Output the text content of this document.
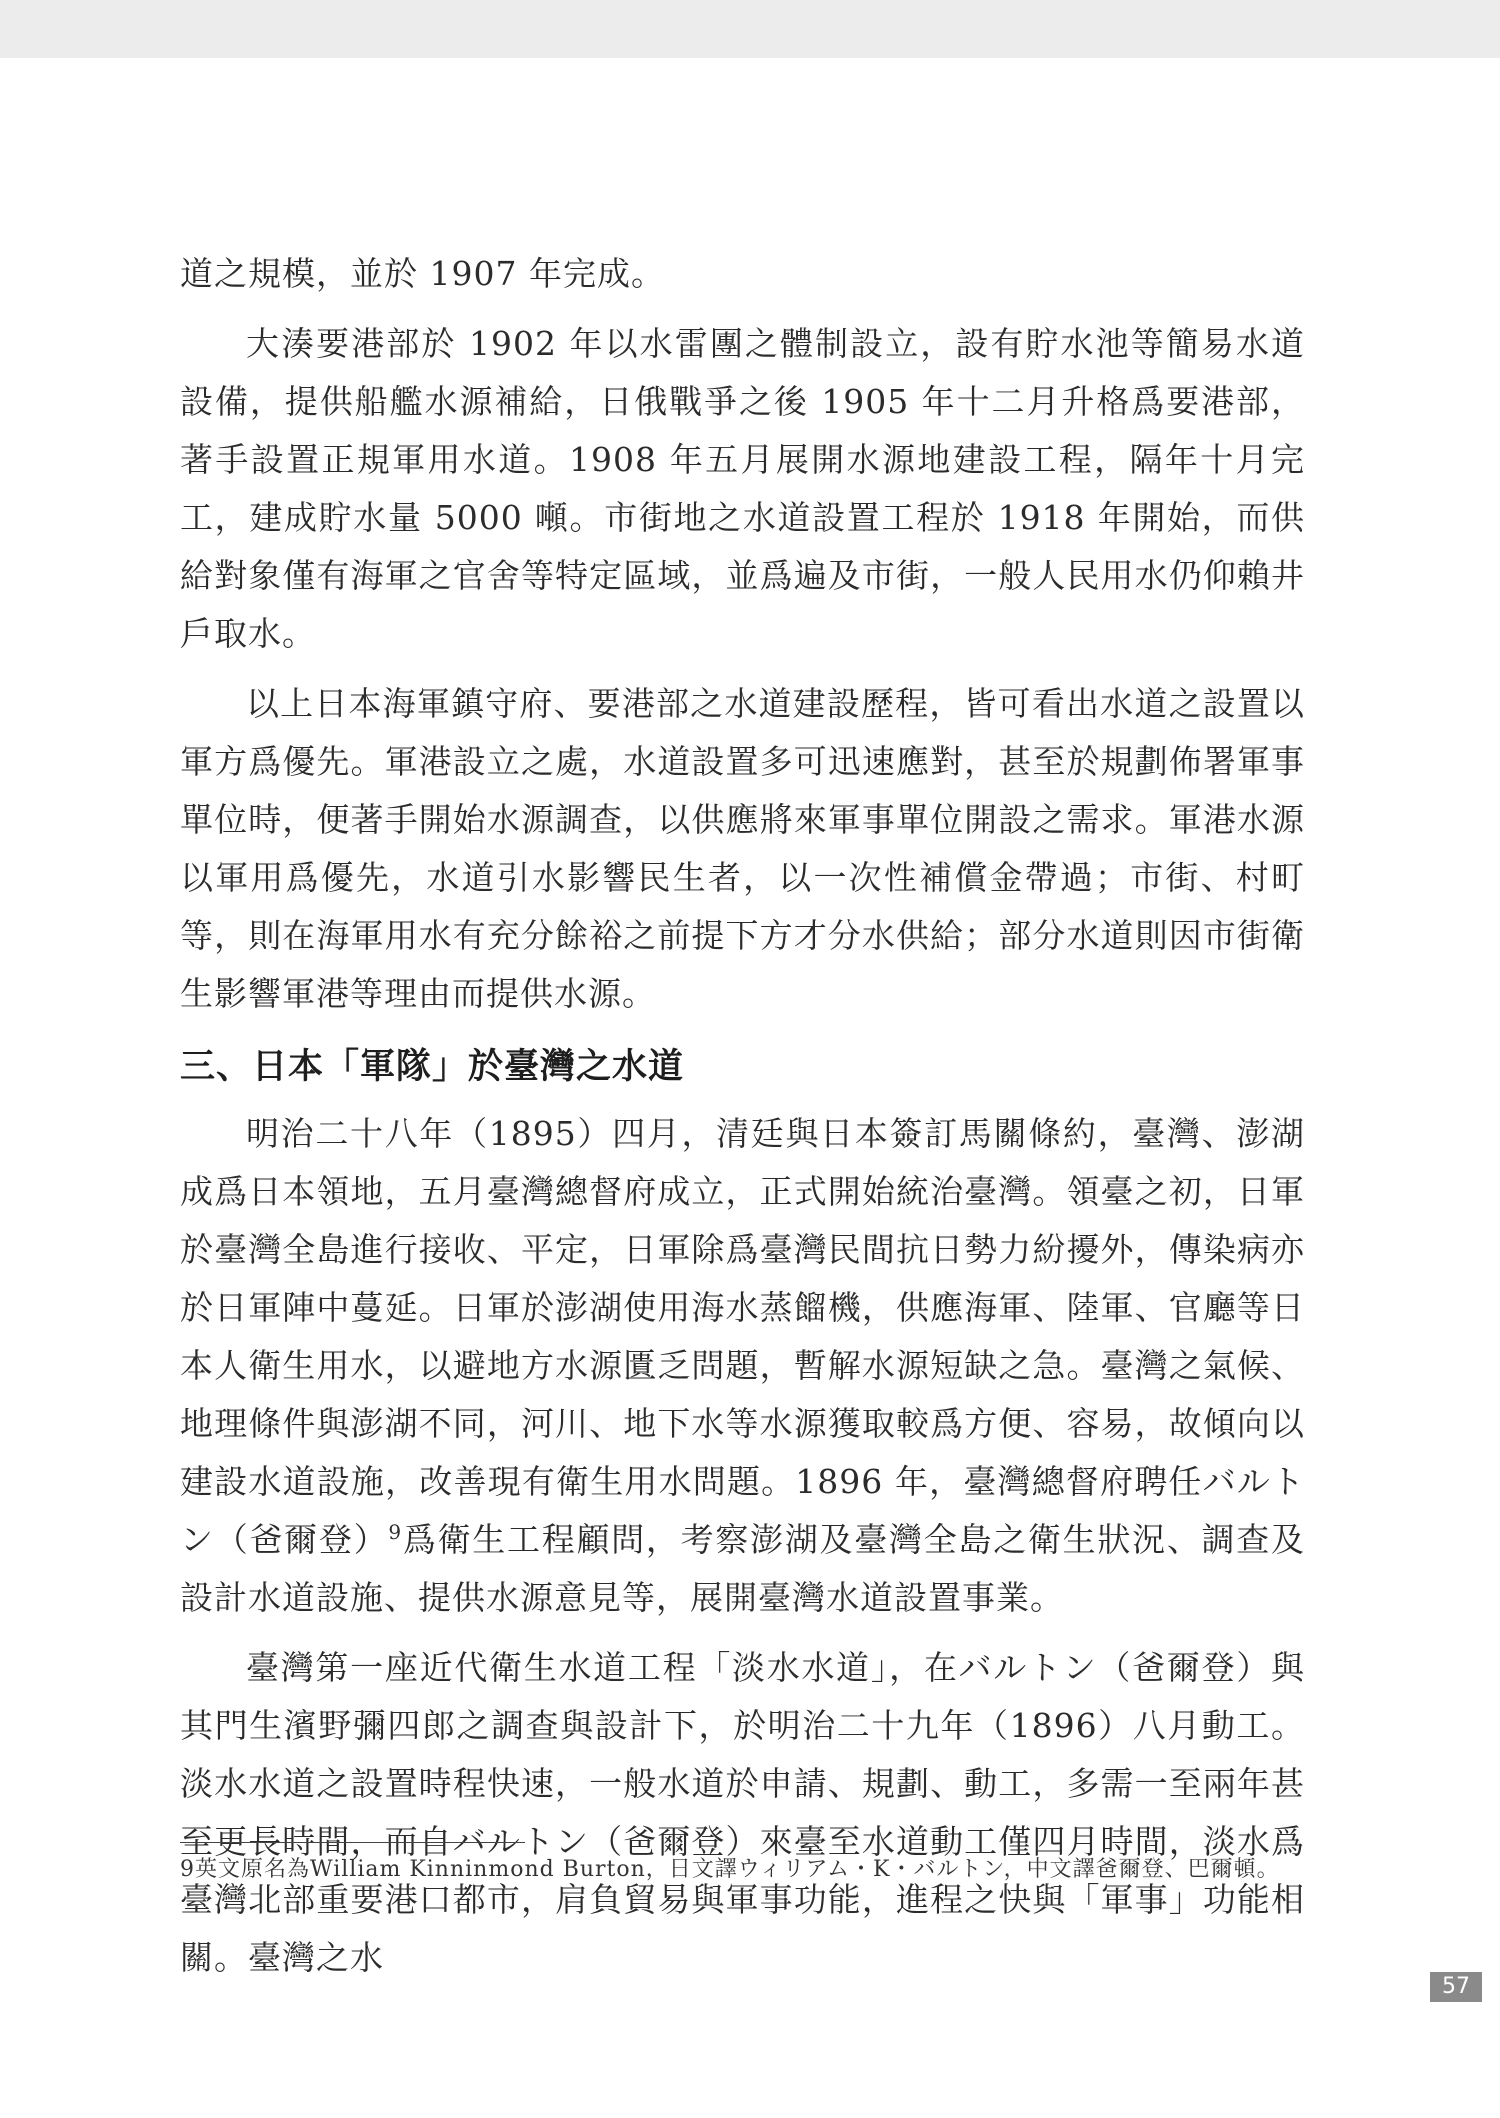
道之規模，並於 1907 年完成。

大湊要港部於 1902 年以水雷團之體制設立，設有貯水池等簡易水道設備，提供船艦水源補給，日俄戰爭之後 1905 年十二月升格爲要港部，著手設置正規軍用水道。1908 年五月展開水源地建設工程，隔年十月完工，建成貯水量 5000 噸。市街地之水道設置工程於 1918 年開始，而供給對象僅有海軍之官舍等特定區域，並爲遍及市街，一般人民用水仍仰賴井戶取水。

以上日本海軍鎮守府、要港部之水道建設歷程，皆可看出水道之設置以軍方爲優先。軍港設立之處，水道設置多可迅速應對，甚至於規劃佈署軍事單位時，便著手開始水源調查，以供應將來軍事單位開設之需求。軍港水源以軍用爲優先，水道引水影響民生者，以一次性補償金帶過；市街、村町等，則在海軍用水有充分餘裕之前提下方才分水供給；部分水道則因市街衛生影響軍港等理由而提供水源。

三、日本「軍隊」於臺灣之水道

明治二十八年（1895）四月，清廷與日本簽訂馬關條約，臺灣、澎湖成爲日本領地，五月臺灣總督府成立，正式開始統治臺灣。領臺之初，日軍於臺灣全島進行接收、平定，日軍除爲臺灣民間抗日勢力紛擾外，傳染病亦於日軍陣中蔓延。日軍於澎湖使用海水蒸餾機，供應海軍、陸軍、官廳等日本人衛生用水，以避地方水源匱乏問題，暫解水源短缺之急。臺灣之氣候、地理條件與澎湖不同，河川、地下水等水源獲取較爲方便、容易，故傾向以建設水道設施，改善現有衛生用水問題。1896 年，臺灣總督府聘任バルトン（爸爾登）$^9$爲衛生工程顧問，考察澎湖及臺灣全島之衛生狀況、調查及設計水道設施、提供水源意見等，展開臺灣水道設置事業。

臺灣第一座近代衛生水道工程「淡水水道」，在バルトン（爸爾登）與其門生濱野彌四郎之調查與設計下，於明治二十九年（1896）八月動工。淡水水道之設置時程快速，一般水道於申請、規劃、動工，多需一至兩年甚至更長時間，而自バルトン（爸爾登）來臺至水道動工僅四月時間，淡水爲臺灣北部重要港口都市，肩負貿易與軍事功能，進程之快與「軍事」功能相關。臺灣之水

9英文原名為William Kinninmond Burton，日文譯ウィリアム・K・バルトン，中文譯爸爾登、巴爾頓。
57
